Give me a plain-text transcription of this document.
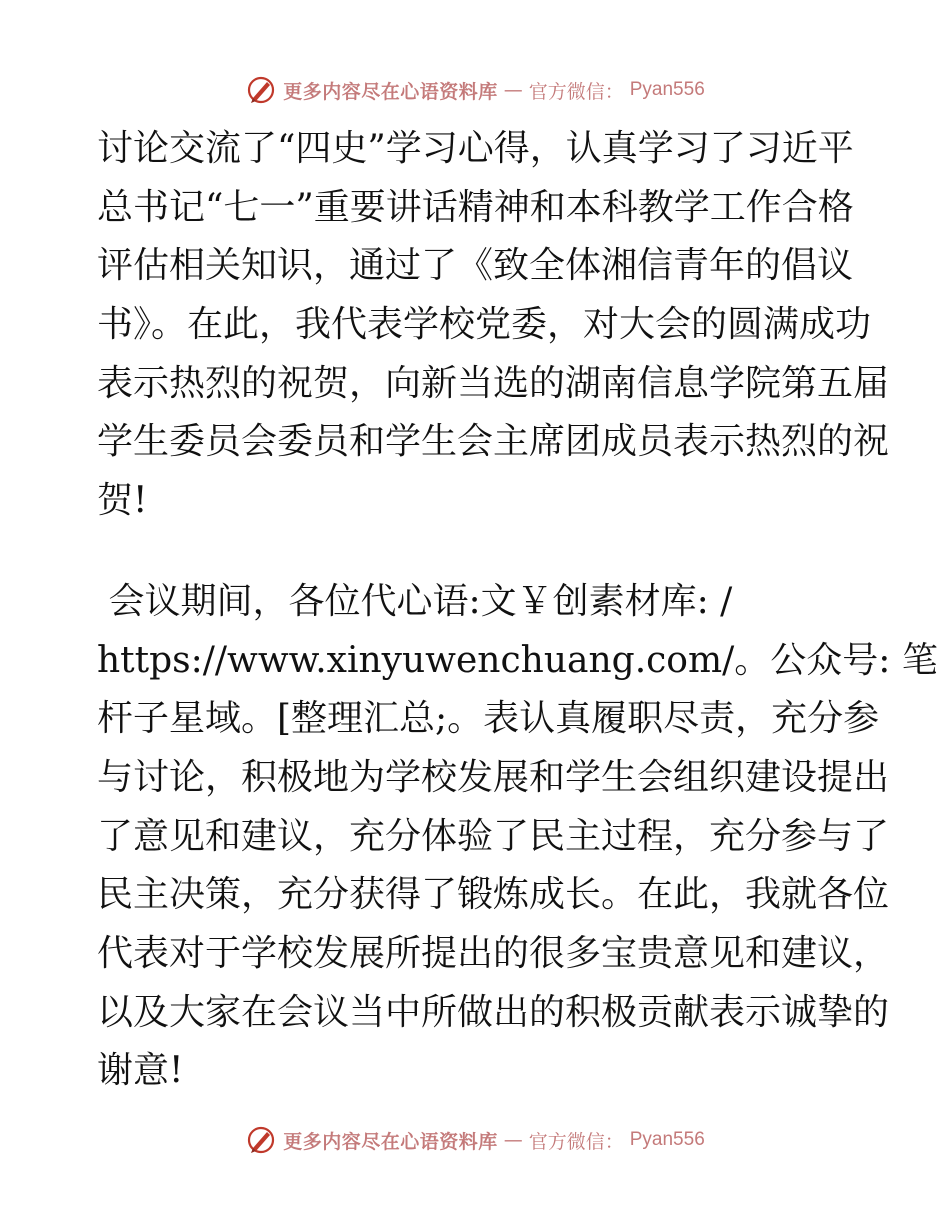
更多内容尽在心语资料库 — 官方微信： Pyan556
讨论交流了“四史”学习心得，认真学习了习近平
总书记“七一”重要讲话精神和本科教学工作合格
评估相关知识，通过了《致全体湘信青年的倡议
书》。在此，我代表学校党委，对大会的圆满成功
表示热烈的祝贺，向新当选的湖南信息学院第五届
学生委员会委员和学生会主席团成员表示热烈的祝
贺!
会议期间，各位代心语:文￥创素材库: /
https://www.xinyuwenchuang.com/。公众号: 笔
杆子星域。[整理汇总;。表认真履职尽责，充分参
与讨论，积极地为学校发展和学生会组织建设提出
了意见和建议，充分体验了民主过程，充分参与了
民主决策，充分获得了锻炼成长。在此，我就各位
代表对于学校发展所提出的很多宝贵意见和建议，
以及大家在会议当中所做出的积极贡献表示诚挚的
谢意!
更多内容尽在心语资料库 — 官方微信： Pyan556
